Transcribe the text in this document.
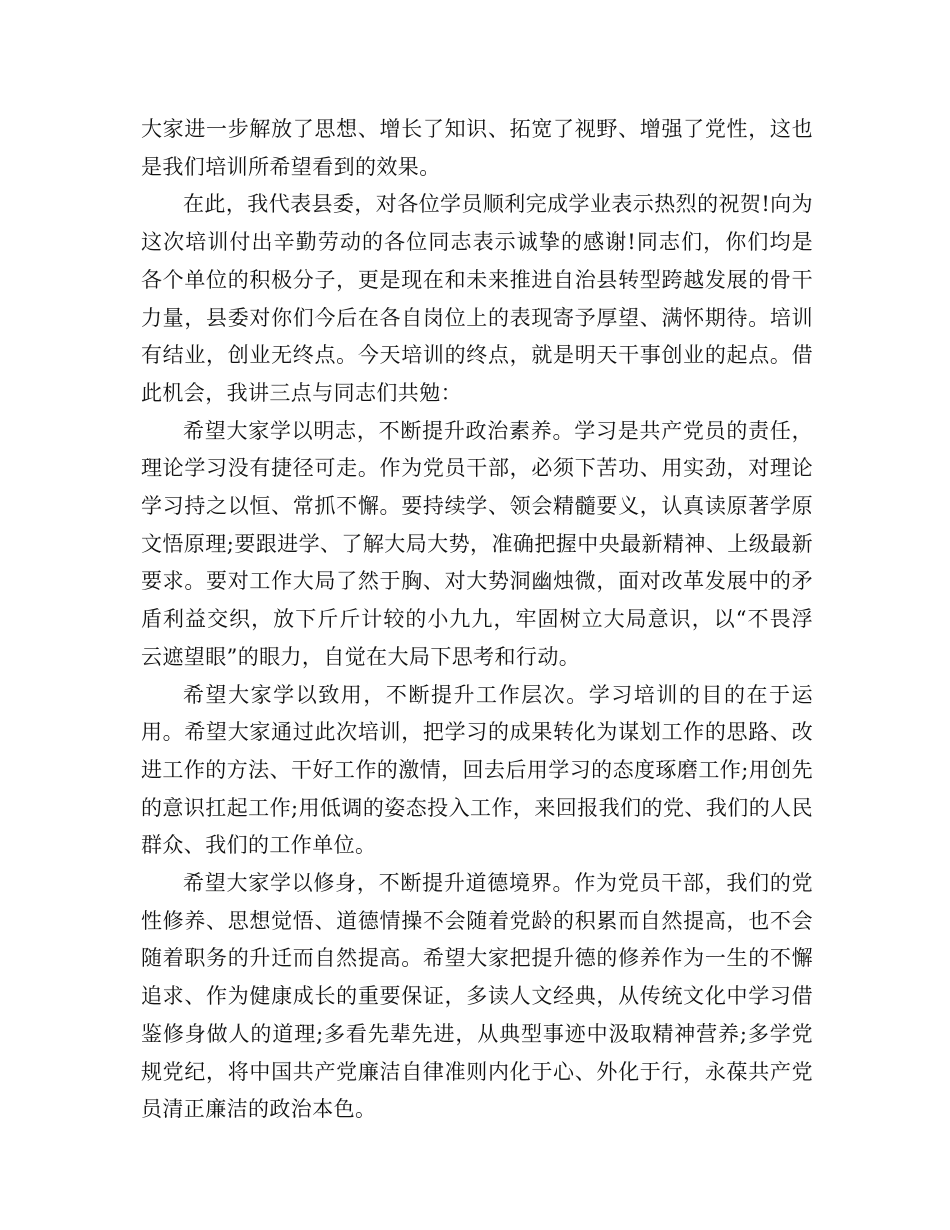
大家进一步解放了思想、增长了知识、拓宽了视野、增强了党性，这也是我们培训所希望看到的效果。

在此，我代表县委，对各位学员顺利完成学业表示热烈的祝贺!向为这次培训付出辛勤劳动的各位同志表示诚挚的感谢!同志们，你们均是各个单位的积极分子，更是现在和未来推进自治县转型跨越发展的骨干力量，县委对你们今后在各自岗位上的表现寄予厚望、满怀期待。培训有结业，创业无终点。今天培训的终点，就是明天干事创业的起点。借此机会，我讲三点与同志们共勉：

希望大家学以明志，不断提升政治素养。学习是共产党员的责任，理论学习没有捷径可走。作为党员干部，必须下苦功、用实劲，对理论学习持之以恒、常抓不懈。要持续学、领会精髓要义，认真读原著学原文悟原理;要跟进学、了解大局大势，准确把握中央最新精神、上级最新要求。要对工作大局了然于胸、对大势洞幽烛微，面对改革发展中的矛盾利益交织，放下斤斤计较的小九九，牢固树立大局意识，以“不畏浮云遮望眼”的眼力，自觉在大局下思考和行动。

希望大家学以致用，不断提升工作层次。学习培训的目的在于运用。希望大家通过此次培训，把学习的成果转化为谋划工作的思路、改进工作的方法、干好工作的激情，回去后用学习的态度琢磨工作;用创先的意识扛起工作;用低调的姿态投入工作，来回报我们的党、我们的人民群众、我们的工作单位。

希望大家学以修身，不断提升道德境界。作为党员干部，我们的党性修养、思想觉悟、道德情操不会随着党龄的积累而自然提高，也不会随着职务的升迁而自然提高。希望大家把提升德的修养作为一生的不懈追求、作为健康成长的重要保证，多读人文经典，从传统文化中学习借鉴修身做人的道理;多看先辈先进，从典型事迹中汲取精神营养;多学党规党纪，将中国共产党廉洁自律准则内化于心、外化于行，永葆共产党员清正廉洁的政治本色。
